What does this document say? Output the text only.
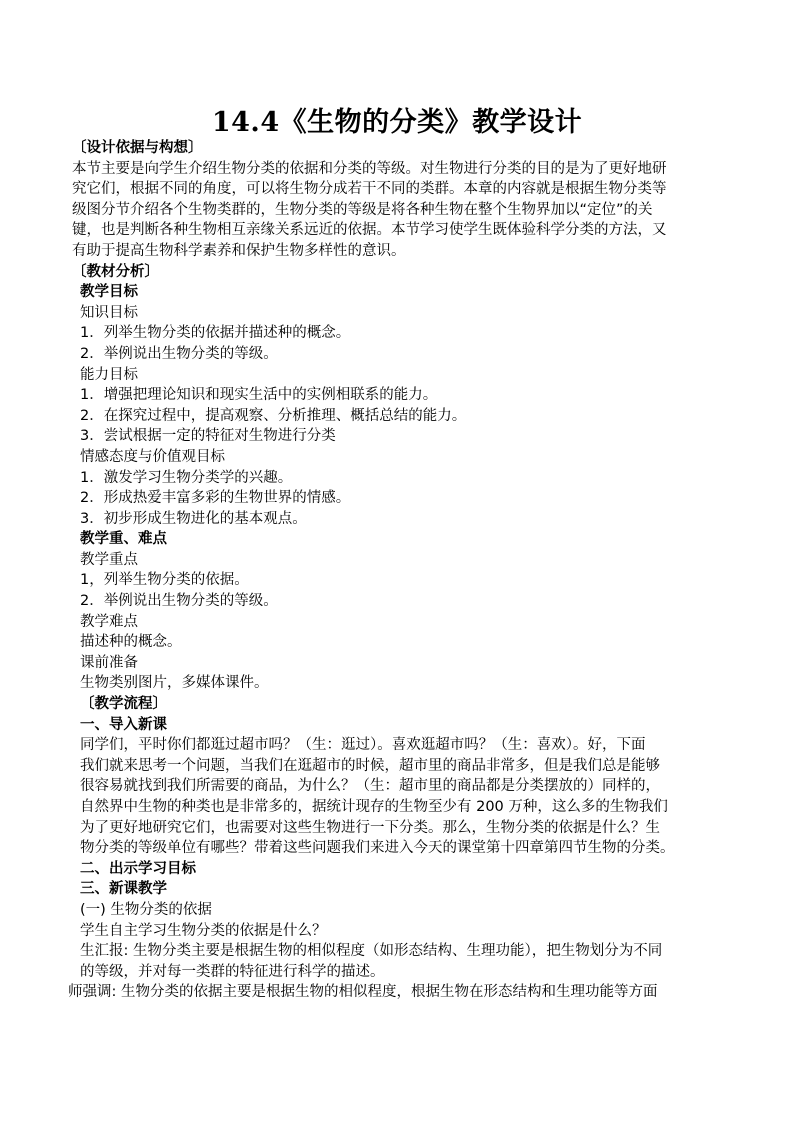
14.4《生物的分类》教学设计
〔设计依据与构想〕
本节主要是向学生介绍生物分类的依据和分类的等级。对生物进行分类的目的是为了更好地研
究它们，根据不同的角度，可以将生物分成若干不同的类群。本章的内容就是根据生物分类等
级图分节介绍各个生物类群的，生物分类的等级是将各种生物在整个生物界加以“定位”的关
键，也是判断各种生物相互亲缘关系远近的依据。本节学习使学生既体验科学分类的方法，又
有助于提高生物科学素养和保护生物多样性的意识。
〔教材分析〕
教学目标
知识目标
1．列举生物分类的依据并描述种的概念。
2．举例说出生物分类的等级。
能力目标
1．增强把理论知识和现实生活中的实例相联系的能力。
2．在探究过程中，提高观察、分析推理、概括总结的能力。
3．尝试根据一定的特征对生物进行分类
情感态度与价值观目标
1．激发学习生物分类学的兴趣。
2．形成热爱丰富多彩的生物世界的情感。
3．初步形成生物进化的基本观点。
教学重、难点
教学重点
1，列举生物分类的依据。
2．举例说出生物分类的等级。
教学难点
描述种的概念。
课前准备
生物类别图片，多媒体课件。
〔教学流程〕
一、导入新课
同学们，平时你们都逛过超市吗？（生：逛过）。喜欢逛超市吗？（生：喜欢）。好，下面
我们就来思考一个问题，当我们在逛超市的时候，超市里的商品非常多，但是我们总是能够
很容易就找到我们所需要的商品，为什么？（生：超市里的商品都是分类摆放的）同样的，
自然界中生物的种类也是非常多的，据统计现存的生物至少有 200 万种，这么多的生物我们
为了更好地研究它们，也需要对这些生物进行一下分类。那么，生物分类的依据是什么？生
物分类的等级单位有哪些？带着这些问题我们来进入今天的课堂第十四章第四节生物的分类。
二、出示学习目标
三、新课教学
(一) 生物分类的依据
学生自主学习生物分类的依据是什么？
生汇报: 生物分类主要是根据生物的相似程度（如形态结构、生理功能），把生物划分为不同
的等级，并对每一类群的特征进行科学的描述。
师强调: 生物分类的依据主要是根据生物的相似程度，根据生物在形态结构和生理功能等方面
